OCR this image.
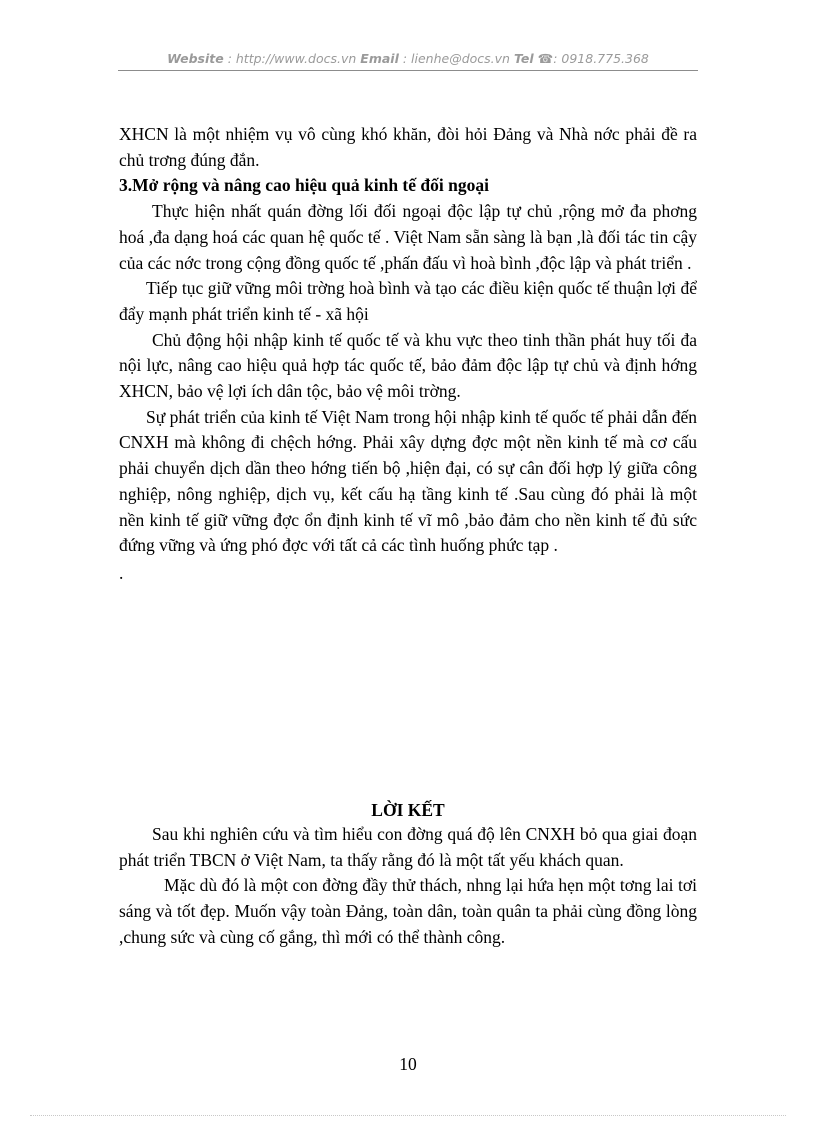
Website : http://www.docs.vn Email : lienhe@docs.vn Tel ☎: 0918.775.368

XHCN là một nhiệm vụ vô cùng khó khăn, đòi hỏi Đảng và Nhà nớc phải đề ra chủ trơng đúng đắn.

3.Mở rộng và nâng cao hiệu quả kinh tế đối ngoại

Thực hiện nhất quán đờng lối đối ngoại độc lập tự chủ ,rộng mở đa phơng hoá ,đa dạng hoá các quan hệ quốc tế . Việt Nam sẵn sàng là bạn ,là đối tác tin cậy của các nớc trong cộng đồng quốc tế ,phấn đấu vì hoà bình ,độc lập và phát triển .

Tiếp tục giữ vững môi trờng hoà bình và tạo các điều kiện quốc tế thuận lợi để đẩy mạnh phát triển kinh tế - xã hội

Chủ động hội nhập kinh tế quốc tế và khu vực theo tinh thần phát huy tối đa nội lực, nâng cao hiệu quả hợp tác quốc tế, bảo đảm độc lập tự chủ và định hớng XHCN, bảo vệ lợi ích dân tộc, bảo vệ môi trờng.

Sự phát triển của kinh tế Việt Nam trong hội nhập kinh tế quốc tế phải dẫn đến CNXH mà không đi chệch hớng. Phải xây dựng đợc một nền kinh tế mà cơ cấu phải chuyển dịch dần theo hớng tiến bộ ,hiện đại, có sự cân đối hợp lý giữa công nghiệp, nông nghiệp, dịch vụ, kết cấu hạ tầng kinh tế .Sau cùng đó phải là một nền kinh tế giữ vững đợc ổn định kinh tế vĩ mô ,bảo đảm cho nền kinh tế đủ sức đứng vững và ứng phó đợc với tất cả các tình huống phức tạp .

.

LỜI KẾT

Sau khi nghiên cứu và tìm hiểu con đờng quá độ lên CNXH bỏ qua giai đoạn phát triển TBCN ở Việt Nam, ta thấy rằng đó là một tất yếu khách quan.

Mặc dù đó là một con đờng đầy thử thách, nhng lại hứa hẹn một tơng lai tơi sáng và tốt đẹp. Muốn vậy toàn Đảng, toàn dân, toàn quân ta phải cùng đồng lòng ,chung sức và cùng cố gắng, thì mới có thể thành công.

10
